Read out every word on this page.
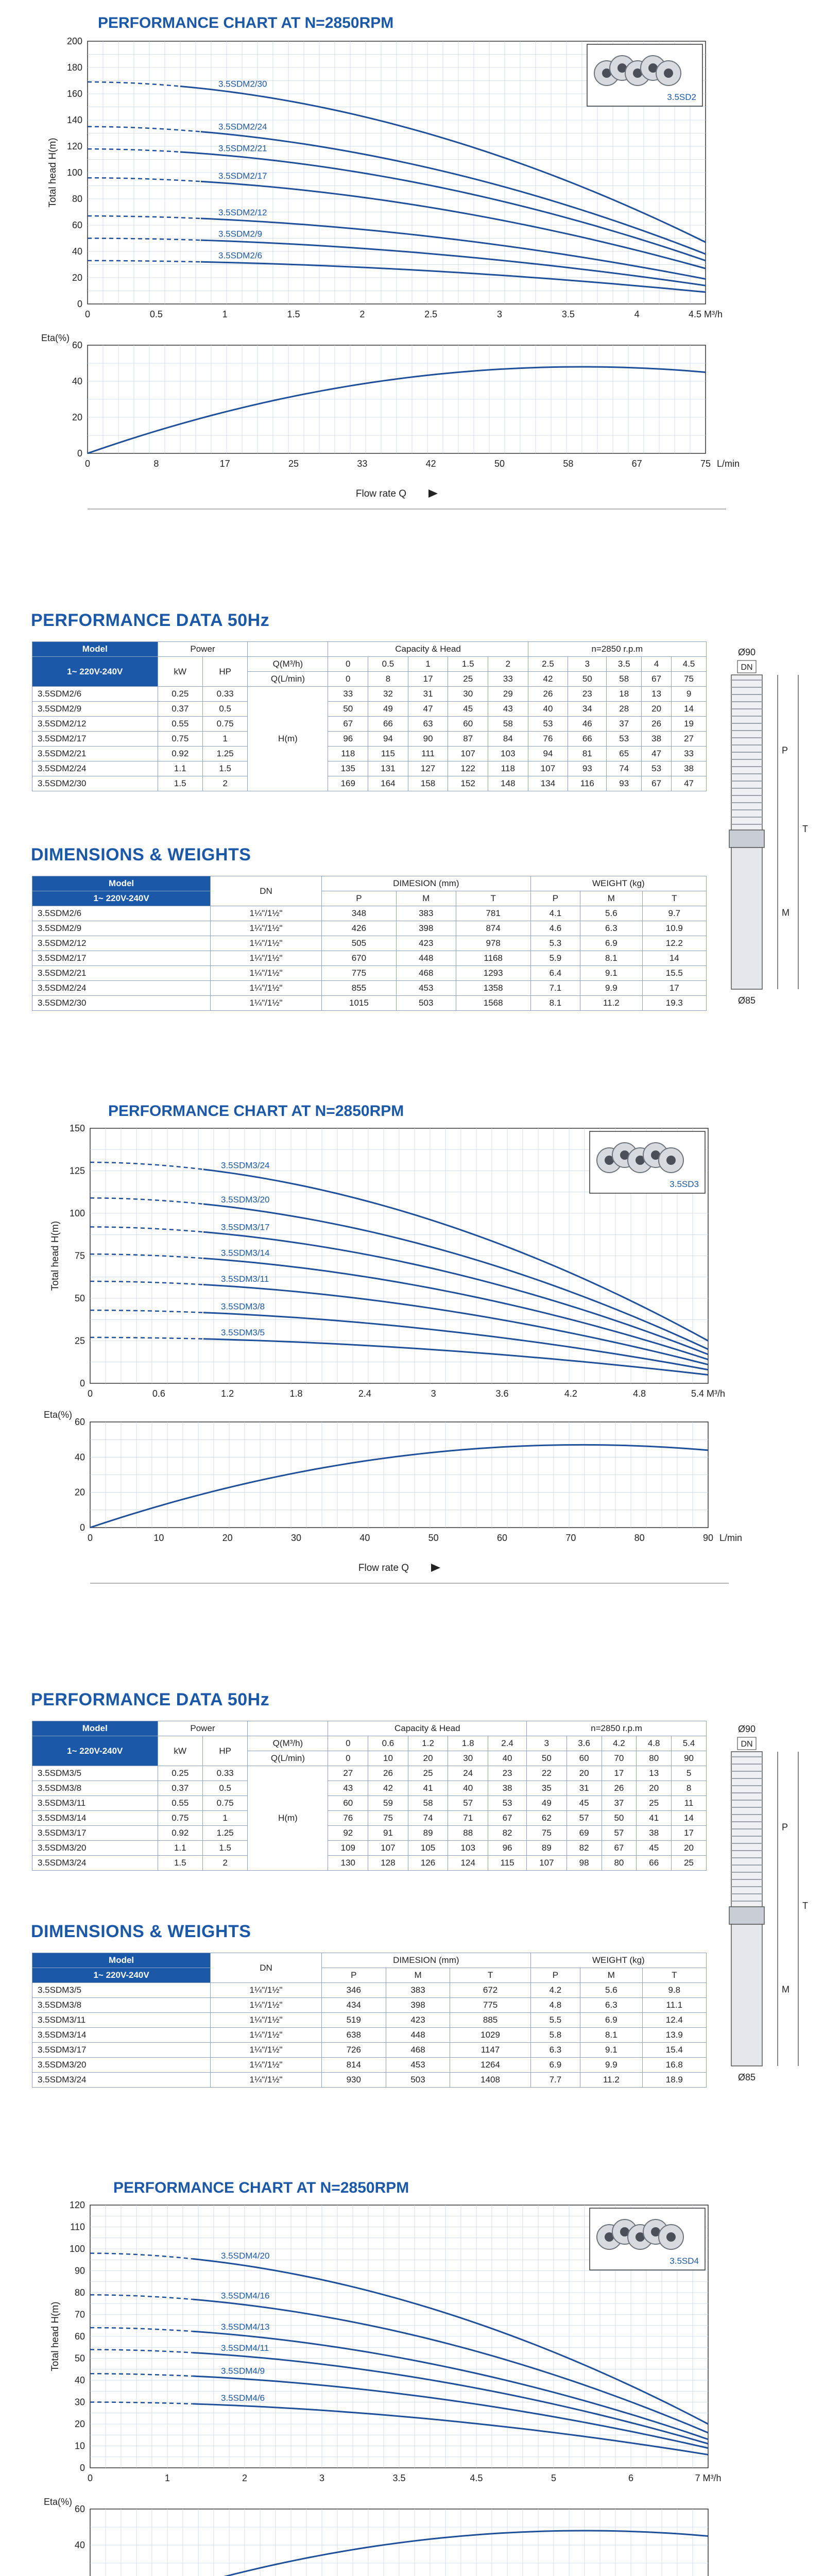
PERFORMANCE CHART AT N=2850RPM
0
20
40
60
80
100
120
140
160
180
200
0	0.5	1	1.5	2	2.5	3	3.5	4	4.5 M³/h
Total head H(m)
3.5SDM2/30
3.5SDM2/24
3.5SDM2/21
3.5SDM2/17
3.5SDM2/12
3.5SDM2/9
3.5SDM2/6
3.5SD2
0
20
40
60
Eta(%)
0	8	17	25	33	42	50	58	67	75 L/min
Flow rate Q
PERFORMANCE DATA 50Hz
Model	Power			Capacity & Head					n=2850 r.p.m				
1~ 220V-240V	kW	HP	Q(M³/h)	0	0.5	1	1.5	2	2.5	3	3.5	4	4.5
			Q(L/min)	0	8	17	25	33	42	50	58	67	75
3.5SDM2/6	0.25	0.33	H(m)	33	32	31	30	29	26	23	18	13	9
3.5SDM2/9	0.37	0.5		50	49	47	45	43	40	34	28	20	14
3.5SDM2/12	0.55	0.75		67	66	63	60	58	53	46	37	26	19
3.5SDM2/17	0.75	1		96	94	90	87	84	76	66	53	38	27
3.5SDM2/21	0.92	1.25		118	115	111	107	103	94	81	65	47	33
3.5SDM2/24	1.1	1.5		135	131	127	122	118	107	93	74	53	38
3.5SDM2/30	1.5	2		169	164	158	152	148	134	116	93	67	47
DIMENSIONS & WEIGHTS
Model	DN	DIMESION (mm)			WEIGHT (kg)		
1~ 220V-240V							
		P	M	T	P	M	T
3.5SDM2/6	1¼"/1½"	348	383	781	4.1	5.6	9.7
3.5SDM2/9	1¼"/1½"	426	398	874	4.6	6.3	10.9
3.5SDM2/12	1¼"/1½"	505	423	978	5.3	6.9	12.2
3.5SDM2/17	1¼"/1½"	670	448	1168	5.9	8.1	14
3.5SDM2/21	1¼"/1½"	775	468	1293	6.4	9.1	15.5
3.5SDM2/24	1¼"/1½"	855	453	1358	7.1	9.9	17
3.5SDM2/30	1¼"/1½"	1015	503	1568	8.1	11.2	19.3
Ø90
DN
Ø85
P
M
T
PERFORMANCE CHART AT N=2850RPM
0
25
50
75
100
125
150
0	0.6	1.2	1.8	2.4	3	3.6	4.2	4.8	5.4 M³/h
Total head H(m)
3.5SDM3/24
3.5SDM3/20
3.5SDM3/17
3.5SDM3/14
3.5SDM3/11
3.5SDM3/8
3.5SDM3/5
3.5SD3
0
20
40
60
Eta(%)
0	10	20	30	40	50	60	70	80	90 L/min
Flow rate Q
PERFORMANCE DATA 50Hz
Model	Power			Capacity & Head					n=2850 r.p.m				
1~ 220V-240V	kW	HP	Q(M³/h)	0	0.6	1.2	1.8	2.4	3	3.6	4.2	4.8	5.4
			Q(L/min)	0	10	20	30	40	50	60	70	80	90
3.5SDM3/5	0.25	0.33	H(m)	27	26	25	24	23	22	20	17	13	5
3.5SDM3/8	0.37	0.5		43	42	41	40	38	35	31	26	20	8
3.5SDM3/11	0.55	0.75		60	59	58	57	53	49	45	37	25	11
3.5SDM3/14	0.75	1		76	75	74	71	67	62	57	50	41	14
3.5SDM3/17	0.92	1.25		92	91	89	88	82	75	69	57	38	17
3.5SDM3/20	1.1	1.5		109	107	105	103	96	89	82	67	45	20
3.5SDM3/24	1.5	2		130	128	126	124	115	107	98	80	66	25
DIMENSIONS & WEIGHTS
Model	DN	DIMESION (mm)			WEIGHT (kg)		
1~ 220V-240V							
		P	M	T	P	M	T
3.5SDM3/5	1¼"/1½"	346	383	672	4.2	5.6	9.8
3.5SDM3/8	1¼"/1½"	434	398	775	4.8	6.3	11.1
3.5SDM3/11	1¼"/1½"	519	423	885	5.5	6.9	12.4
3.5SDM3/14	1¼"/1½"	638	448	1029	5.8	8.1	13.9
3.5SDM3/17	1¼"/1½"	726	468	1147	6.3	9.1	15.4
3.5SDM3/20	1¼"/1½"	814	453	1264	6.9	9.9	16.8
3.5SDM3/24	1¼"/1½"	930	503	1408	7.7	11.2	18.9
Ø90
DN
Ø85
P
M
T
PERFORMANCE CHART AT N=2850RPM
0
10
20
30
40
50
60
70
80
90
100
110
120
0	1	2	3	3.5	4.5	5	6	7 M³/h
Total head H(m)
3.5SDM4/20
3.5SDM4/16
3.5SDM4/13
3.5SDM4/11
3.5SDM4/9
3.5SDM4/6
3.5SD4
40
60
Eta(%)
